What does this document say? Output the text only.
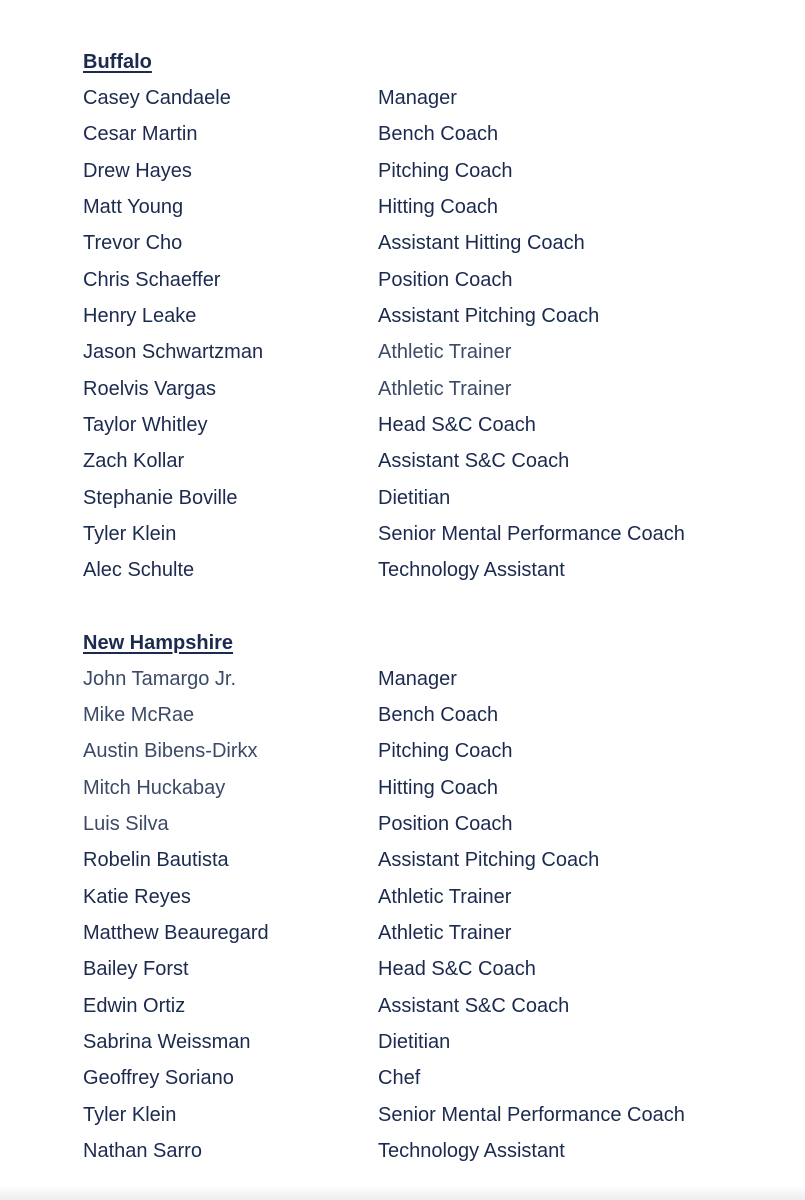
Buffalo
Casey Candaele	Manager
Cesar Martin	Bench Coach
Drew Hayes	Pitching Coach
Matt Young	Hitting Coach
Trevor Cho	Assistant Hitting Coach
Chris Schaeffer	Position Coach
Henry Leake	Assistant Pitching Coach
Jason Schwartzman	Athletic Trainer
Roelvis Vargas	Athletic Trainer
Taylor Whitley	Head S&C Coach
Zach Kollar	Assistant S&C Coach
Stephanie Boville	Dietitian
Tyler Klein	Senior Mental Performance Coach
Alec Schulte	Technology Assistant
New Hampshire
John Tamargo Jr.	Manager
Mike McRae	Bench Coach
Austin Bibens-Dirkx	Pitching Coach
Mitch Huckabay	Hitting Coach
Luis Silva	Position Coach
Robelin Bautista	Assistant Pitching Coach
Katie Reyes	Athletic Trainer
Matthew Beauregard	Athletic Trainer
Bailey Forst	Head S&C Coach
Edwin Ortiz	Assistant S&C Coach
Sabrina Weissman	Dietitian
Geoffrey Soriano	Chef
Tyler Klein	Senior Mental Performance Coach
Nathan Sarro	Technology Assistant
